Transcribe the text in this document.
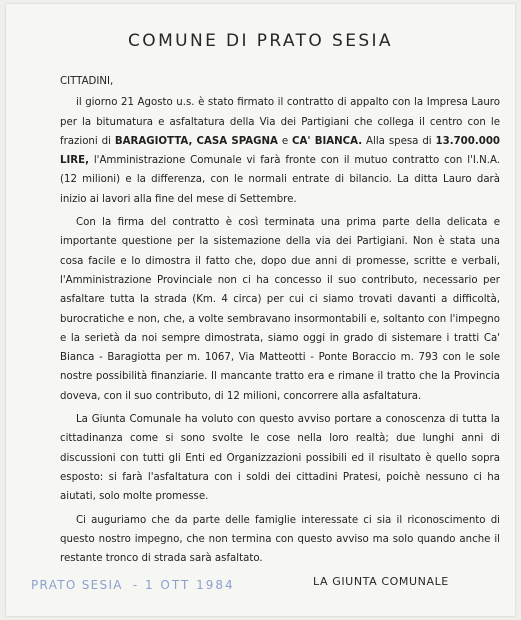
COMUNE DI PRATO SESIA

CITTADINI,

il giorno 21 Agosto u.s. è stato firmato il contratto di appalto con la Impresa Lauro per la bitumatura e asfaltatura della Via dei Partigiani che collega il centro con le frazioni di BARAGIOTTA, CASA SPAGNA e CA' BIANCA. Alla spesa di 13.700.000 LIRE, l'Amministrazione Comunale vi farà fronte con il mutuo contratto con l'I.N.A. (12 milioni) e la differenza, con le normali entrate di bilancio. La ditta Lauro darà inizio ai lavori alla fine del mese di Settembre.

Con la firma del contratto è così terminata una prima parte della delicata e importante questione per la sistemazione della via dei Partigiani. Non è stata una cosa facile e lo dimostra il fatto che, dopo due anni di promesse, scritte e verbali, l'Amministrazione Provinciale non ci ha concesso il suo contributo, necessario per asfaltare tutta la strada (Km. 4 circa) per cui ci siamo trovati davanti a difficoltà, burocratiche e non, che, a volte sembravano insormontabili e, soltanto con l'impegno e la serietà da noi sempre dimostrata, siamo oggi in grado di sistemare i tratti Ca' Bianca - Baragiotta per m. 1067, Via Matteotti - Ponte Boraccio m. 793 con le sole nostre possibilità finanziarie. Il mancante tratto era e rimane il tratto che la Provincia doveva, con il suo contributo, di 12 milioni, concorrere alla asfaltatura.

La Giunta Comunale ha voluto con questo avviso portare a conoscenza di tutta la cittadinanza come si sono svolte le cose nella loro realtà; due lunghi anni di discussioni con tutti gli Enti ed Organizzazioni possibili ed il risultato è quello sopra esposto: si farà l'asfaltatura con i soldi dei cittadini Pratesi, poichè nessuno ci ha aiutati, solo molte promesse.

Ci auguriamo che da parte delle famiglie interessate ci sia il riconoscimento di questo nostro impegno, che non termina con questo avviso ma solo quando anche il restante tronco di strada sarà asfaltato.

PRATO SESIA - 1 OTT 1984	LA GIUNTA COMUNALE
